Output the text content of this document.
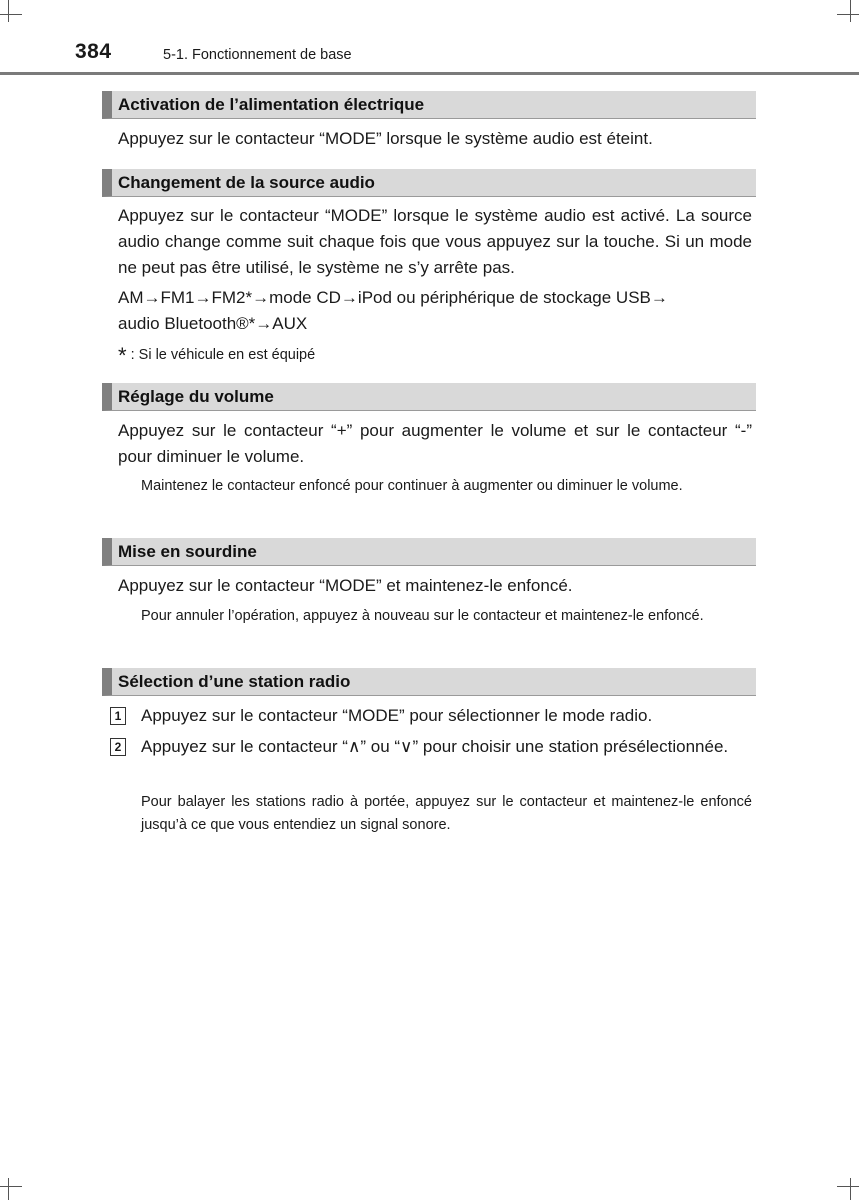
384	5-1. Fonctionnement de base
Activation de l’alimentation électrique
Appuyez sur le contacteur “MODE” lorsque le système audio est éteint.
Changement de la source audio
Appuyez sur le contacteur “MODE” lorsque le système audio est activé. La source audio change comme suit chaque fois que vous appuyez sur la touche. Si un mode ne peut pas être utilisé, le système ne s’y arrête pas.
AM→FM1→FM2*→mode CD→iPod ou périphérique de stockage USB→
audio Bluetooth®*→AUX
* : Si le véhicule en est équipé
Réglage du volume
Appuyez sur le contacteur “+” pour augmenter le volume et sur le contacteur “-” pour diminuer le volume.
Maintenez le contacteur enfoncé pour continuer à augmenter ou diminuer le volume.
Mise en sourdine
Appuyez sur le contacteur “MODE” et maintenez-le enfoncé.
Pour annuler l’opération, appuyez à nouveau sur le contacteur et maintenez-le enfoncé.
Sélection d’une station radio
1 Appuyez sur le contacteur “MODE” pour sélectionner le mode radio.
2 Appuyez sur le contacteur “∧” ou “∨” pour choisir une station présélectionnée.
Pour balayer les stations radio à portée, appuyez sur le contacteur et maintenez-le enfoncé jusqu’à ce que vous entendiez un signal sonore.
